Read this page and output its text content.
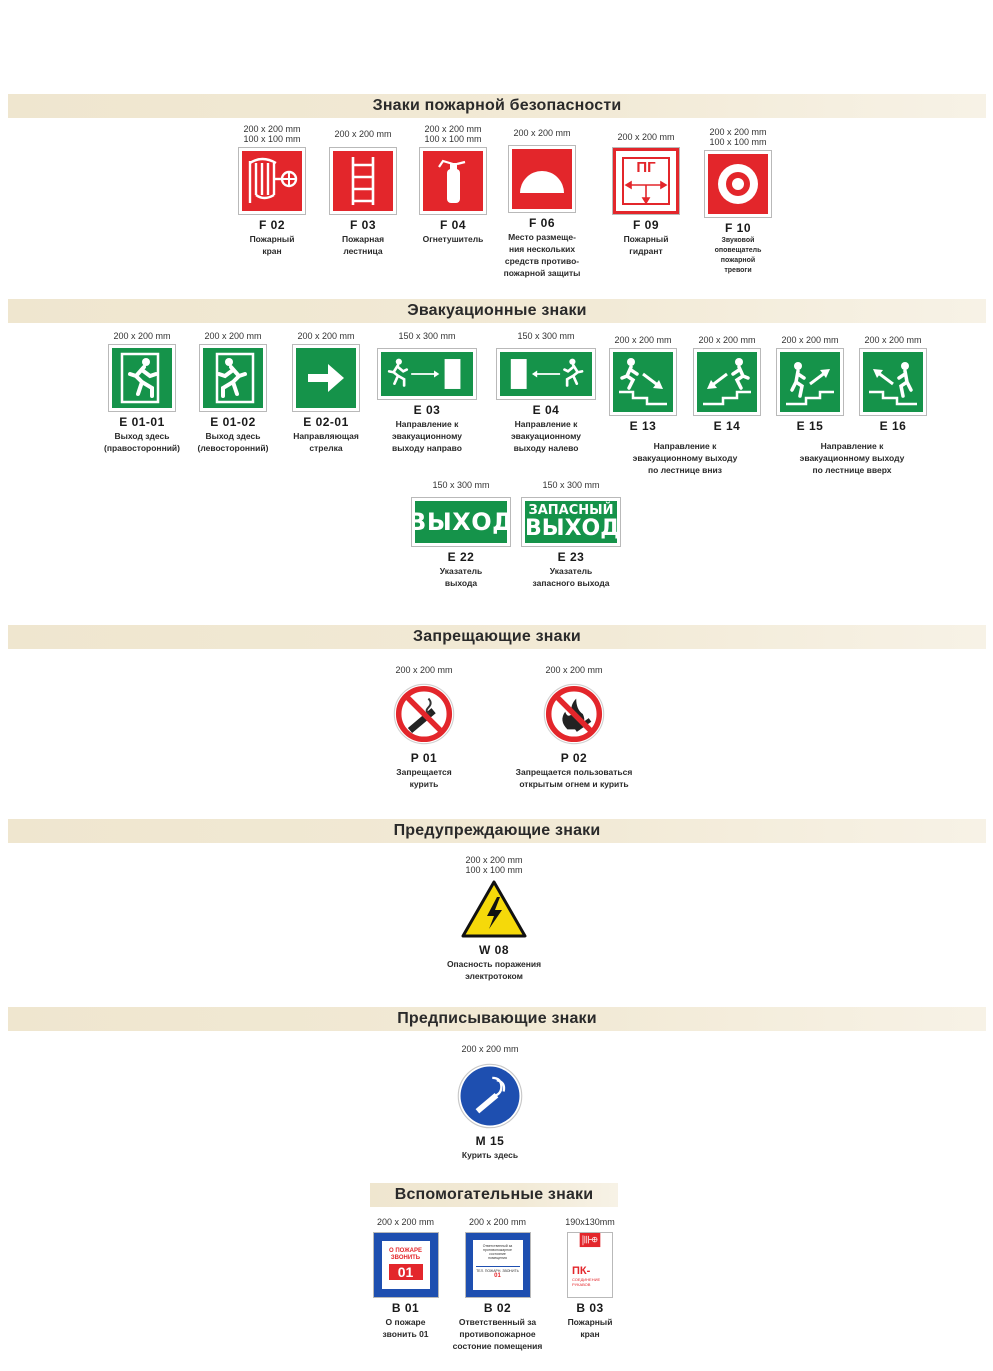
Знаки пожарной безопасности
200 x 200 mm
100 x 100 mm
F 02
Пожарный
кран
200 x 200 mm
F 03
Пожарная
лестница
200 x 200 mm
100 x 100 mm
F 04
Огнетушитель
200 x 200 mm
F 06
Место размеще-
ния нескольких
средств противо-
пожарной защиты
200 x 200 mm
ПГ
F 09
Пожарный
гидрант
200 x 200 mm
100 x 100 mm
F 10
Звуковой
оповещатель
пожарной
тревоги
Эвакуационные знаки
200 x 200 mm
E 01-01
Выход здесь
(правосторонний)
200 x 200 mm
E 01-02
Выход здесь
(левосторонний)
200 x 200 mm
E 02-01
Направляющая
стрелка
150 x 300 mm
E 03
Направление к
эвакуационному
выходу направо
150 x 300 mm
E 04
Направление к
эвакуационному
выходу налево
200 x 200 mm
E 13
200 x 200 mm
E 14
200 x 200 mm
E 15
200 x 200 mm
E 16
Направление к
эвакуационному выходу
по лестнице вниз
Направление к
эвакуационному выходу
по лестнице вверх
150 x 300 mm
ВЫХОД
E 22
Указатель
выхода
150 x 300 mm
ЗАПАСНЫЙ
ВЫХОД
E 23
Указатель
запасного выхода
Запрещающие знаки
200 x 200 mm
P 01
Запрещается
курить
200 x 200 mm
P 02
Запрещается пользоваться
открытым огнем и курить
Предупреждающие знаки
200 x 200 mm
100 x 100 mm
W 08
Опасность поражения
электротоком
Предписывающие знаки
200 x 200 mm
M 15
Курить здесь
Вспомогательные знаки
200 x 200 mm
О ПОЖАРЕ
ЗВОНИТЬ
01
B 01
О пожаре
звонить 01
200 x 200 mm
Ответственный за
противопожарное
состояние
помещения
ТЕЛ. ПОЖАРН. ЗВОНИТЬ
01
B 02
Ответственный за
противопожарное
состоние помещения
190x130mm
ПК-
СОЕДИНЕНИЕ
РУКАВОВ
B 03
Пожарный
кран
